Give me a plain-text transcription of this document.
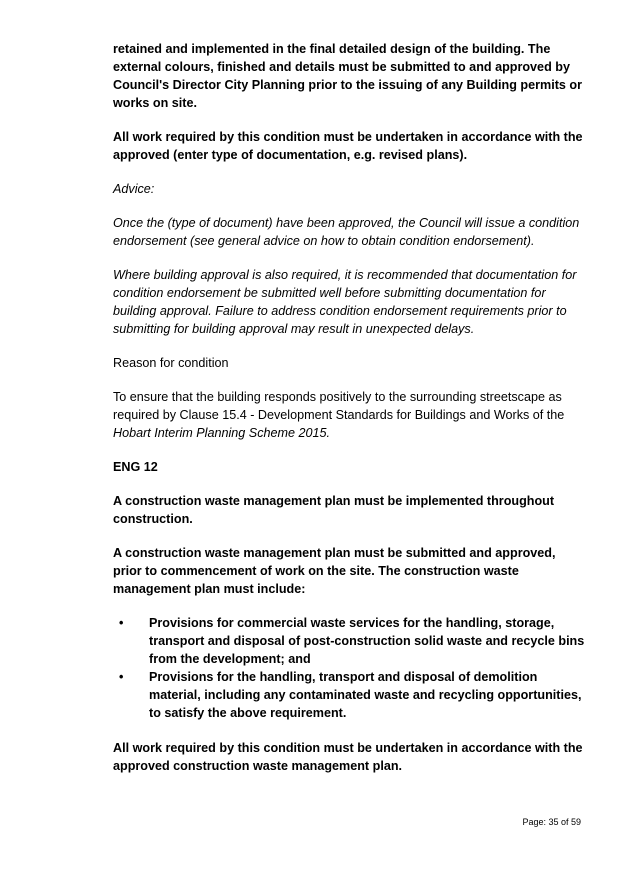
retained and implemented in the final detailed design of the building. The external colours, finished and details must be submitted to and approved by Council's Director City Planning prior to the issuing of any Building permits or works on site.

All work required by this condition must be undertaken in accordance with the approved (enter type of documentation, e.g. revised plans).

Advice:

Once the (type of document) have been approved, the Council will issue a condition endorsement (see general advice on how to obtain condition endorsement).

Where building approval is also required, it is recommended that documentation for condition endorsement be submitted well before submitting documentation for building approval. Failure to address condition endorsement requirements prior to submitting for building approval may result in unexpected delays.

Reason for condition

To ensure that the building responds positively to the surrounding streetscape as required by Clause 15.4 - Development Standards for Buildings and Works of the Hobart Interim Planning Scheme 2015.

ENG 12

A construction waste management plan must be implemented throughout construction.

A construction waste management plan must be submitted and approved, prior to commencement of work on the site. The construction waste management plan must include:

• Provisions for commercial waste services for the handling, storage, transport and disposal of post-construction solid waste and recycle bins from the development; and
• Provisions for the handling, transport and disposal of demolition material, including any contaminated waste and recycling opportunities, to satisfy the above requirement.

All work required by this condition must be undertaken in accordance with the approved construction waste management plan.

Page: 35 of 59
